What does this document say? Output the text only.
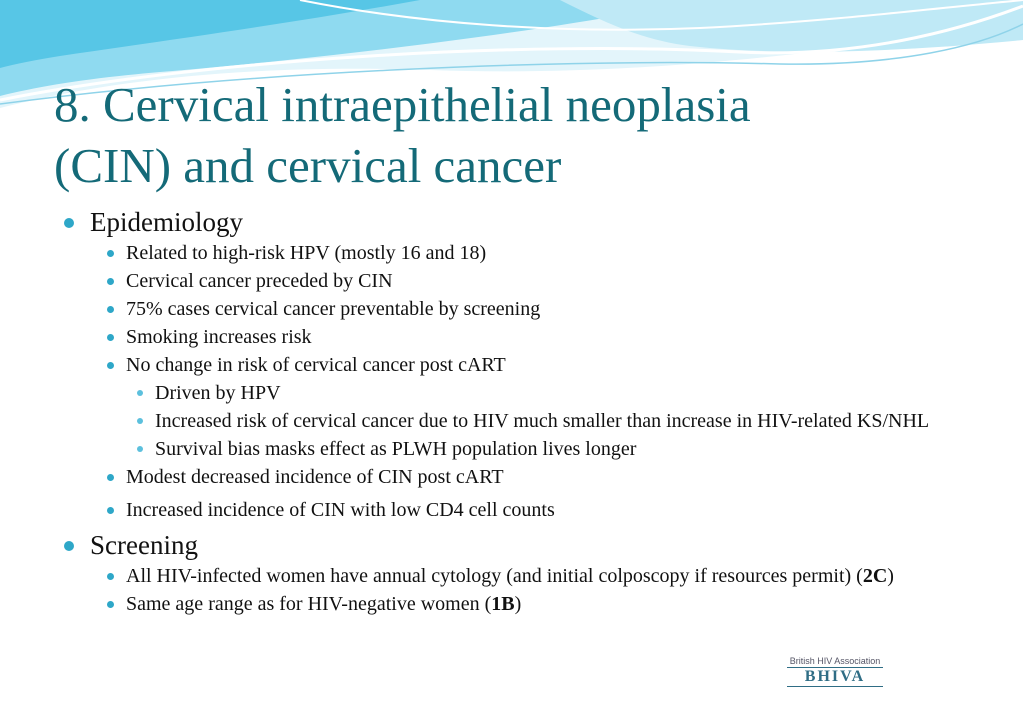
8. Cervical intraepithelial neoplasia
(CIN) and cervical cancer
Epidemiology
Related to high-risk HPV (mostly 16 and 18)
Cervical cancer preceded by CIN
75% cases cervical cancer preventable by screening
Smoking increases risk
No change in risk of cervical cancer post cART
Driven by HPV
Increased risk of cervical cancer due to HIV much smaller than increase in HIV-related KS/NHL
Survival bias masks effect as PLWH population lives longer
Modest decreased incidence of CIN post cART
Increased incidence of CIN with low CD4 cell counts
Screening
All HIV-infected women have annual cytology (and initial colposcopy if resources permit) (2C)
Same age range as for HIV-negative women (1B)
British HIV Association
BHIVA
